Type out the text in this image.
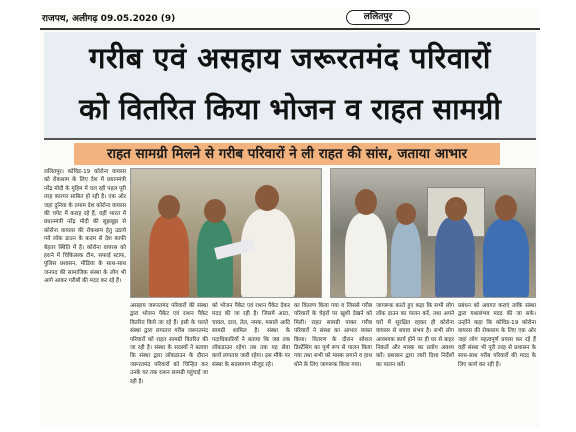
राजपथ, अलीगढ़ 09.05.2020 (9)	ललितपुर
गरीब एवं असहाय जरूरतमंद परिवारों
को वितरित किया भोजन व राहत सामग्री
राहत सामग्री मिलने से गरीब परिवारों ने ली राहत की सांस, जताया आभार
ललितपुर। कोविड-19 कोरोना वायरस को रोकथाम के लिए देश में प्रधानमंत्री नरेंद्र मोदी के मुहिम में चल रही पहल पूरी तरह कारगर साबित हो रही है। एक ओर जहां दुनिया के तमाम देश कोरोना वायरस की चपेट में कराह रहे हैं, वहीं भारत में प्रधानमंत्री नरेंद्र मोदी की सूझबूझ से कोरोना वायरस की रोकथाम हेतु उठाये गये लॉक डाउन के कदम से देश काफी बेहतर स्थिति में है। कोरोना वायरस को हराने में चिकित्सक टीम, सफाई स्टाफ, पुलिस प्रशासन, मीडिया के साथ-साथ जनपद की सामाजिक संस्था के लोग भी आगे आकर गरीबों की मदद कर रहे हैं।
असहाय जरूरतमंद परिवारों की संस्था द्वारा भोजन पैकेट एवं राशन पैकेट वितरित किये जा रहे हैं। इसी के चलते संस्था द्वारा लगातार गरीब जरूरतमंद परिवारों को राहत सामग्री वितरित की जा रही है। संस्था के सदस्यों ने बताया कि संस्था द्वारा लॉकडाउन के दौरान जरूरतमंद परिवारों को चिन्हित कर उनके घर तक राशन सामग्री पहुंचाई जा रही है।
को भोजन पैकेट एवं राशन पैकेट देकर मदद की जा रही है। जिसमें आटा, चावल, दाल, तेल, नमक, मसाले आदि सामग्री शामिल है। संस्था के पदाधिकारियों ने बताया कि जब तक लॉकडाउन रहेगा तब तक यह सेवा कार्य लगातार जारी रहेगा। इस मौके पर संस्था के सदस्यगण मौजूद रहे।
का वितरण किया गया व जिससे गरीब परिवारों के चेहरों पर खुशी देखने को मिली। राहत सामग्री पाकर गरीब परिवारों ने संस्था का आभार व्यक्त किया। वितरण के दौरान सोशल डिस्टेंसिंग का पूर्ण रूप से पालन किया गया तथा सभी को मास्क लगाने व हाथ धोने के लिए जागरूक किया गया।
जागरूक करते हुए कहा कि सभी लोग लॉक डाउन का पालन करें, तथा अपने घरों में सुरक्षित रहकर ही कोरोना वायरस से बचाव संभव है। सभी लोग आवश्यक कार्य होने पर ही घर से बाहर निकलें और मास्क का प्रयोग अवश्य करें। प्रशासन द्वारा जारी दिशा निर्देशों का पालन करें।
प्रबंधन को अवगत कराएं ताकि संस्था द्वारा यथासंभव मदद की जा सके। उन्होंने कहा कि कोविड-19 कोरोना वायरस की रोकथाम के लिए एक ओर जहां लोग महत्वपूर्ण प्रयास कर रहे हैं वहीं संस्था भी पूरी तरह से प्रशासन के साथ-साथ गरीब परिवारों की मदद के लिए कार्य कर रही है।
